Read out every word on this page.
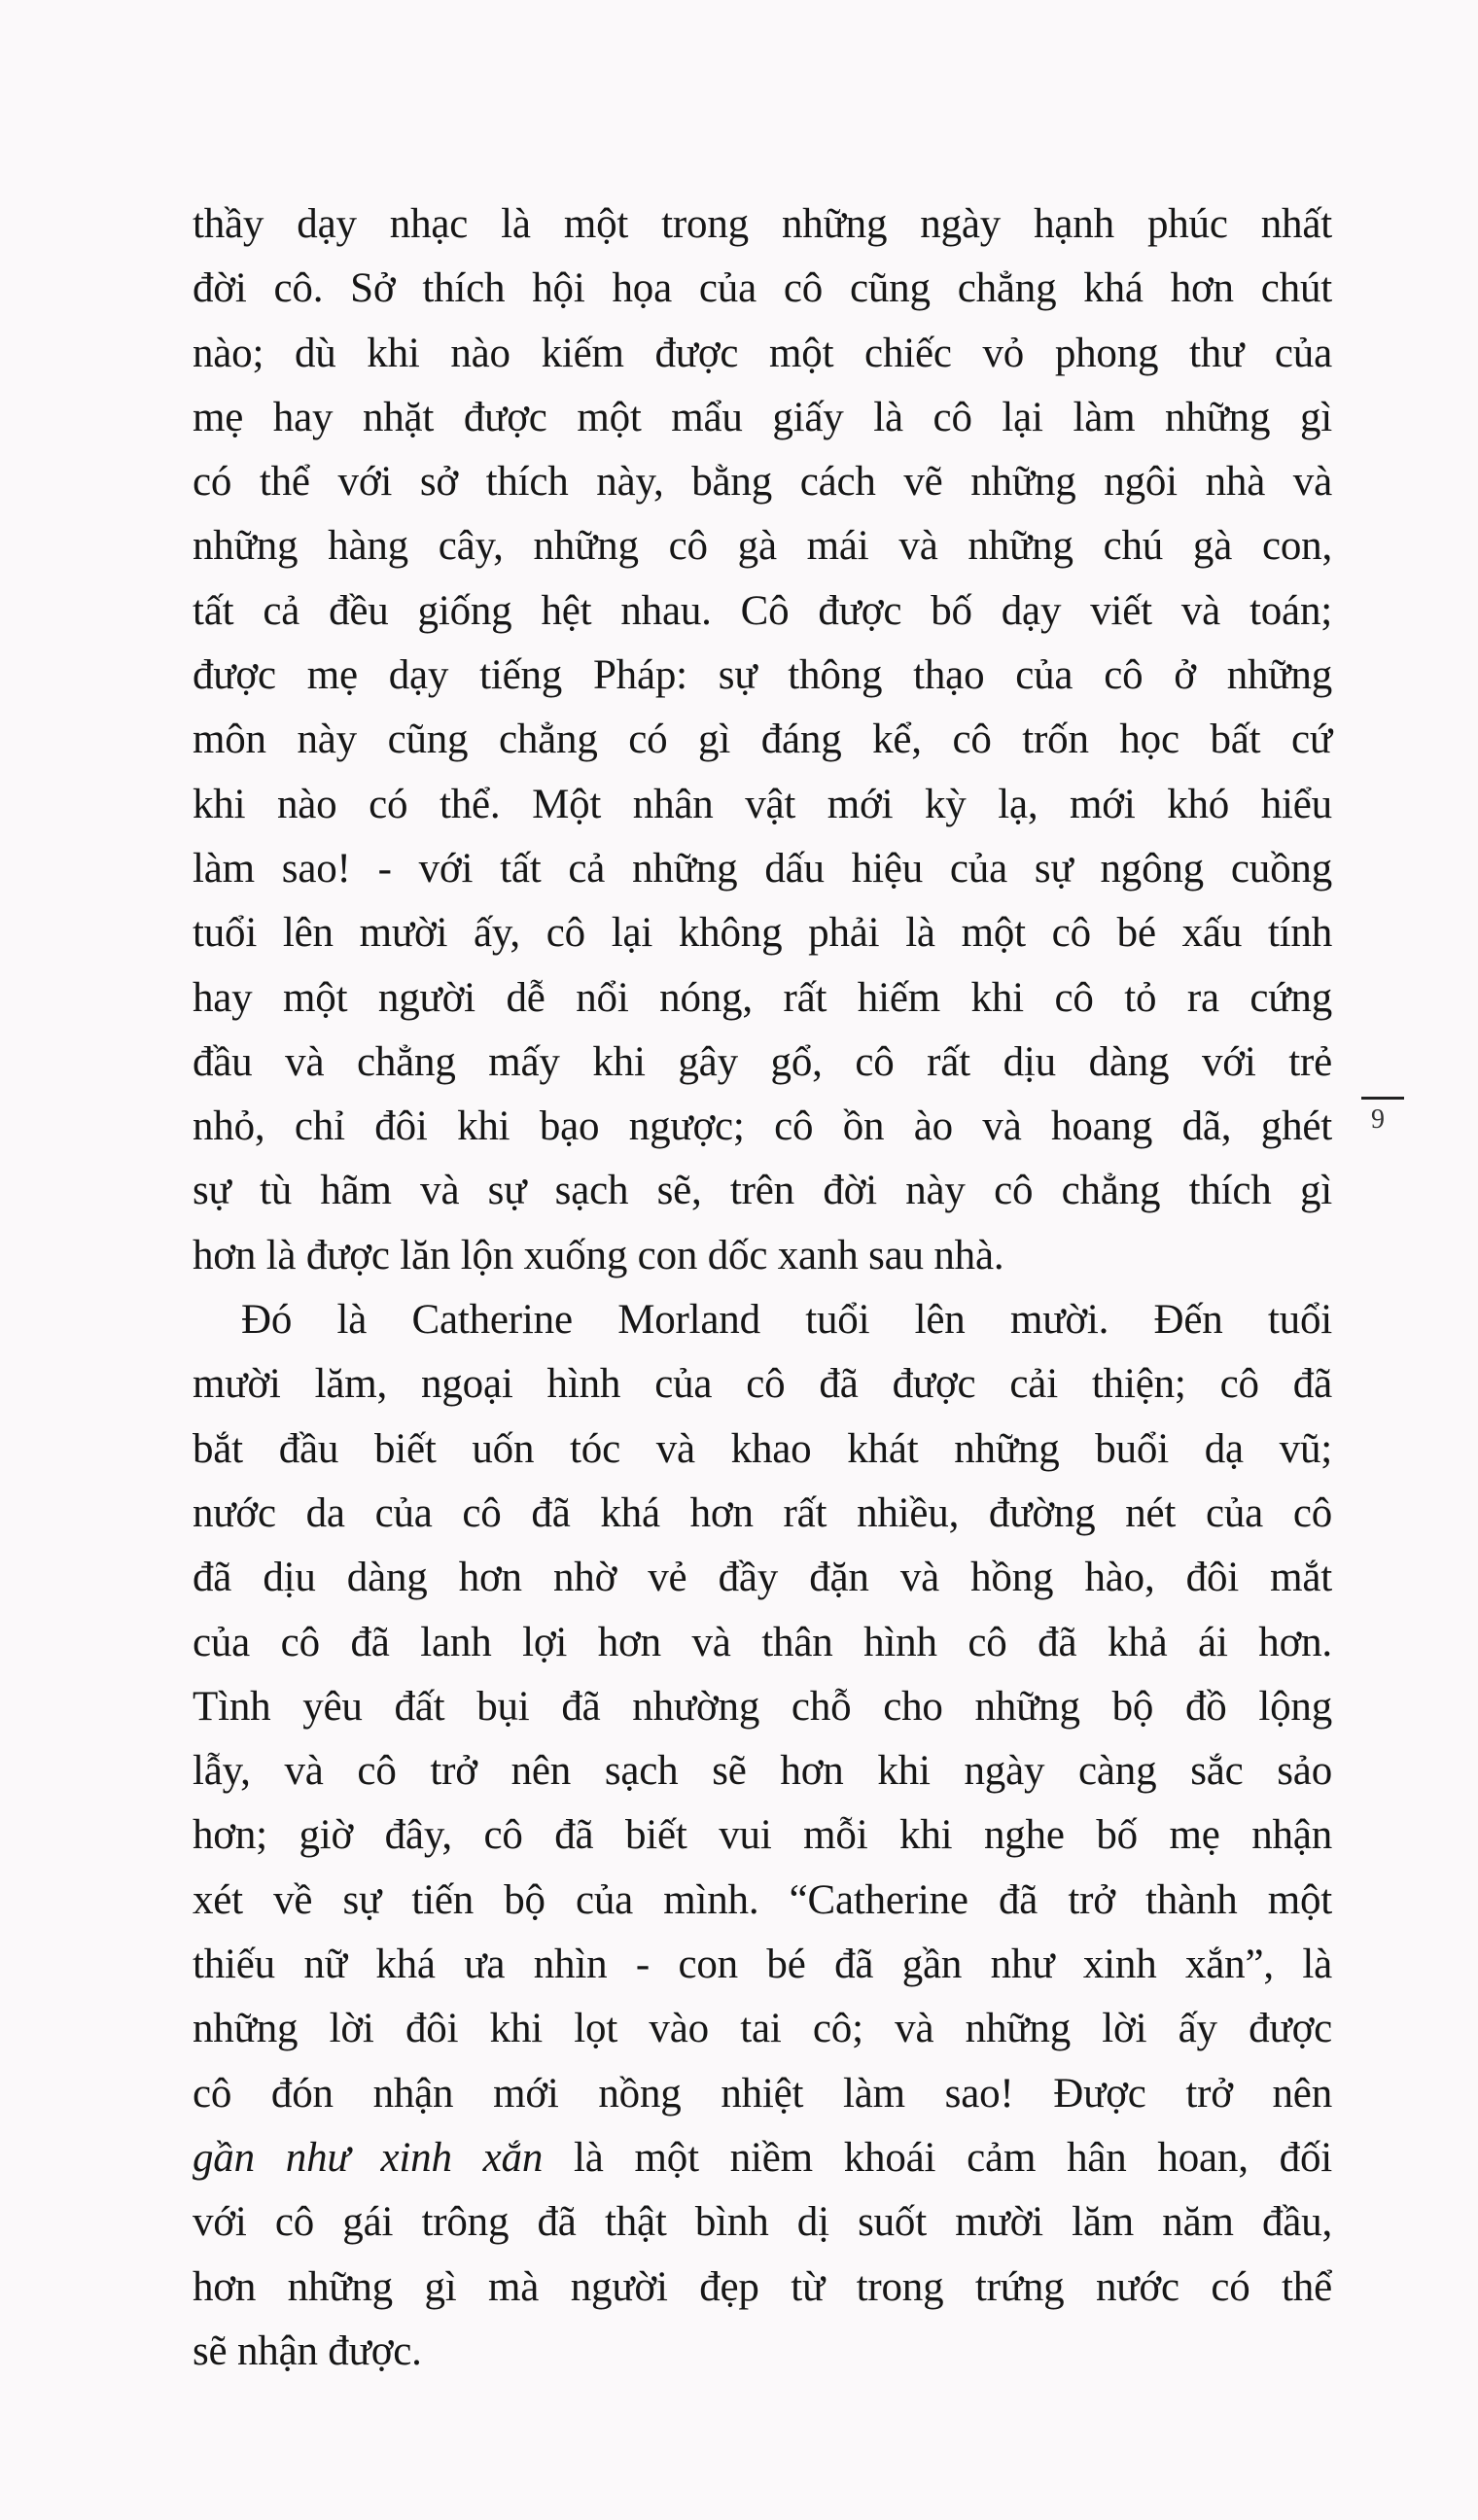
thầy dạy nhạc là một trong những ngày hạnh phúc nhất
đời cô. Sở thích hội họa của cô cũng chẳng khá hơn chút
nào; dù khi nào kiếm được một chiếc vỏ phong thư của
mẹ hay nhặt được một mẩu giấy là cô lại làm những gì
có thể với sở thích này, bằng cách vẽ những ngôi nhà và
những hàng cây, những cô gà mái và những chú gà con,
tất cả đều giống hệt nhau. Cô được bố dạy viết và toán;
được mẹ dạy tiếng Pháp: sự thông thạo của cô ở những
môn này cũng chẳng có gì đáng kể, cô trốn học bất cứ
khi nào có thể. Một nhân vật mới kỳ lạ, mới khó hiểu
làm sao! - với tất cả những dấu hiệu của sự ngông cuồng
tuổi lên mười ấy, cô lại không phải là một cô bé xấu tính
hay một người dễ nổi nóng, rất hiếm khi cô tỏ ra cứng
đầu và chẳng mấy khi gây gổ, cô rất dịu dàng với trẻ
nhỏ, chỉ đôi khi bạo ngược; cô ồn ào và hoang dã, ghét
sự tù hãm và sự sạch sẽ, trên đời này cô chẳng thích gì
hơn là được lăn lộn xuống con dốc xanh sau nhà.
Đó là Catherine Morland tuổi lên mười. Đến tuổi
mười lăm, ngoại hình của cô đã được cải thiện; cô đã
bắt đầu biết uốn tóc và khao khát những buổi dạ vũ;
nước da của cô đã khá hơn rất nhiều, đường nét của cô
đã dịu dàng hơn nhờ vẻ đầy đặn và hồng hào, đôi mắt
của cô đã lanh lợi hơn và thân hình cô đã khả ái hơn.
Tình yêu đất bụi đã nhường chỗ cho những bộ đồ lộng
lẫy, và cô trở nên sạch sẽ hơn khi ngày càng sắc sảo
hơn; giờ đây, cô đã biết vui mỗi khi nghe bố mẹ nhận
xét về sự tiến bộ của mình. “Catherine đã trở thành một
thiếu nữ khá ưa nhìn - con bé đã gần như xinh xắn”, là
những lời đôi khi lọt vào tai cô; và những lời ấy được
cô đón nhận mới nồng nhiệt làm sao! Được trở nên
gần như xinh xắn là một niềm khoái cảm hân hoan, đối
với cô gái trông đã thật bình dị suốt mười lăm năm đầu,
hơn những gì mà người đẹp từ trong trứng nước có thể
sẽ nhận được.
9
